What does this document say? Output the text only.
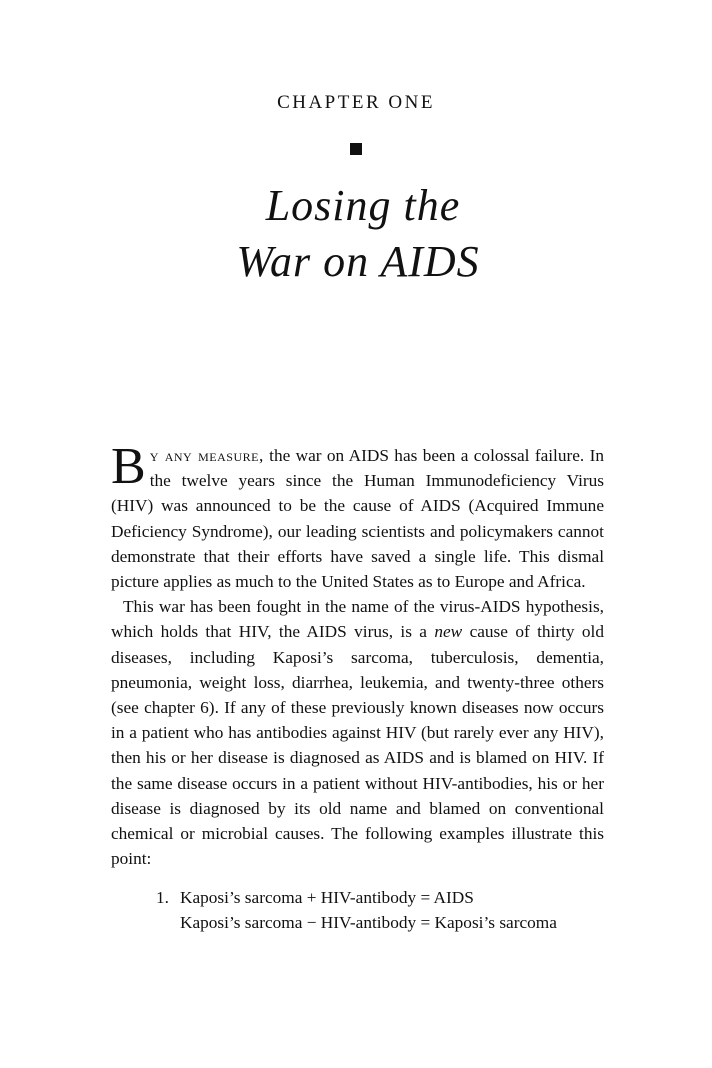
CHAPTER ONE
Losing the
War on AIDS

By any measure, the war on AIDS has been a colossal failure. In the twelve years since the Human Immunodeficiency Virus (HIV) was announced to be the cause of AIDS (Acquired Immune Deficiency Syndrome), our leading scientists and policymakers cannot demonstrate that their efforts have saved a single life. This dismal picture applies as much to the United States as to Europe and Africa.

This war has been fought in the name of the virus-AIDS hypothesis, which holds that HIV, the AIDS virus, is a new cause of thirty old diseases, including Kaposi’s sarcoma, tuberculosis, dementia, pneumonia, weight loss, diarrhea, leukemia, and twenty-three others (see chapter 6). If any of these previously known diseases now occurs in a patient who has antibodies against HIV (but rarely ever any HIV), then his or her disease is diagnosed as AIDS and is blamed on HIV. If the same disease occurs in a patient without HIV-antibodies, his or her disease is diagnosed by its old name and blamed on conventional chemical or microbial causes. The following examples illustrate this point:

1. Kaposi’s sarcoma + HIV-antibody = AIDS
Kaposi’s sarcoma − HIV-antibody = Kaposi’s sarcoma
